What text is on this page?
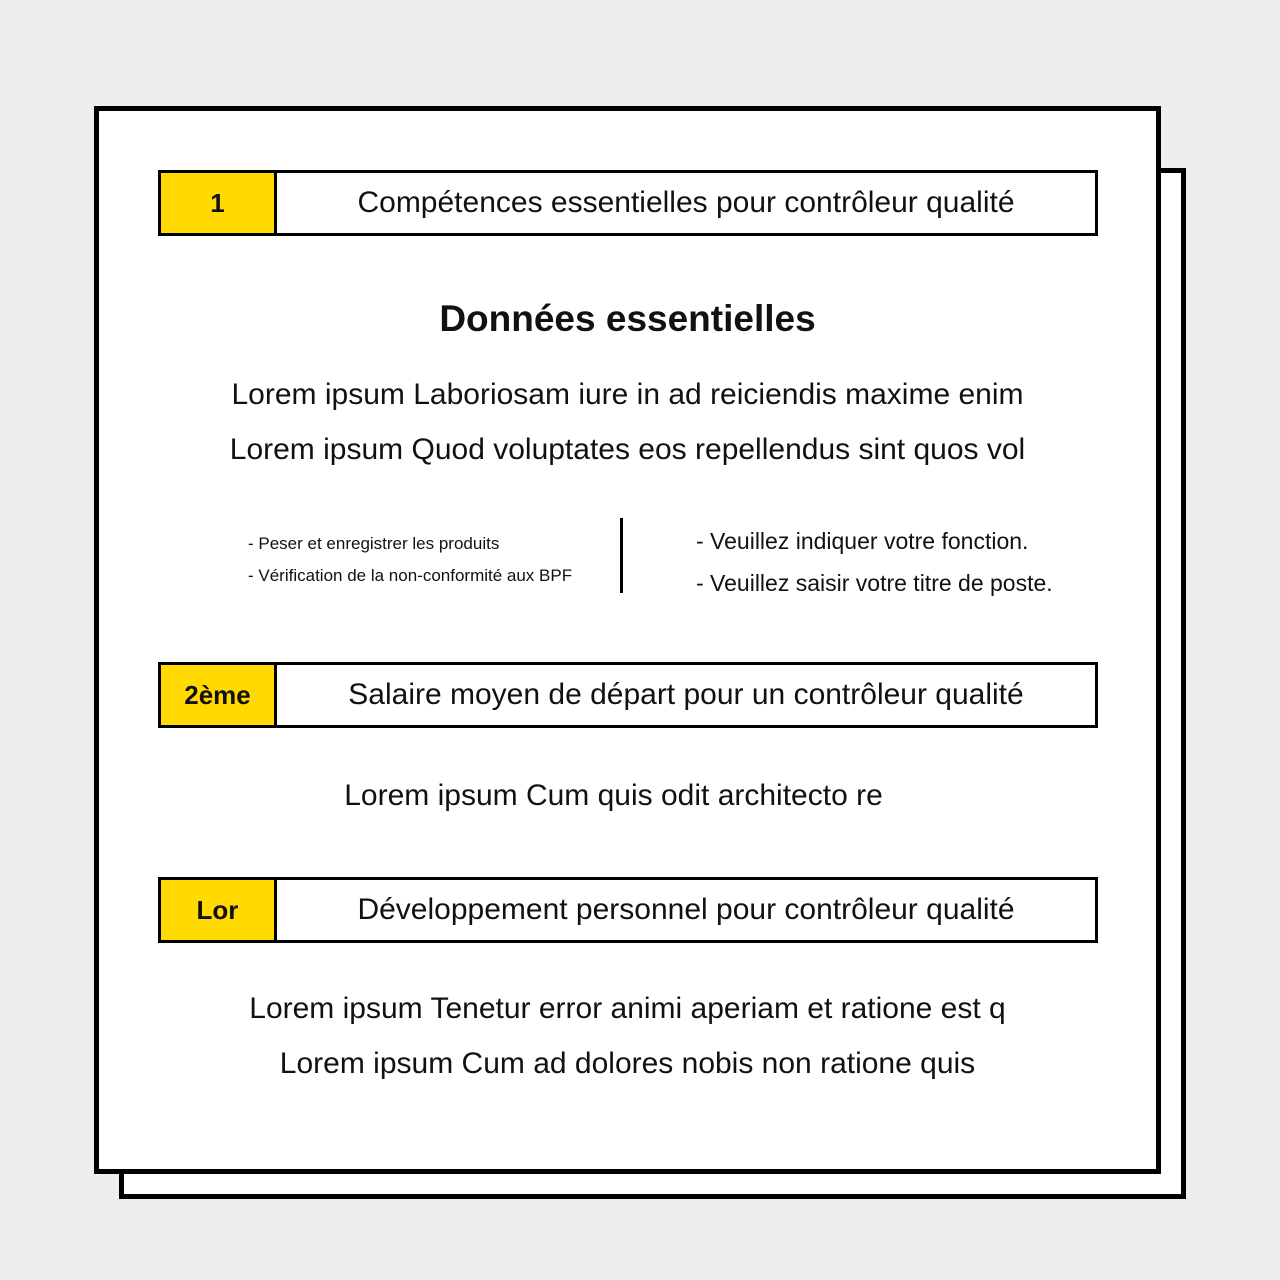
1	Compétences essentielles pour contrôleur qualité
Données essentielles
Lorem ipsum Laboriosam iure in ad reiciendis maxime enim
Lorem ipsum Quod voluptates eos repellendus sint quos vol
- Peser et enregistrer les produits
- Vérification de la non-conformité aux BPF
- Veuillez indiquer votre fonction.
- Veuillez saisir votre titre de poste.
2ème	Salaire moyen de départ pour un contrôleur qualité
Lorem ipsum Cum quis odit architecto re
Lor	Développement personnel pour contrôleur qualité
Lorem ipsum Tenetur error animi aperiam et ratione est q
Lorem ipsum Cum ad dolores nobis non ratione quis
